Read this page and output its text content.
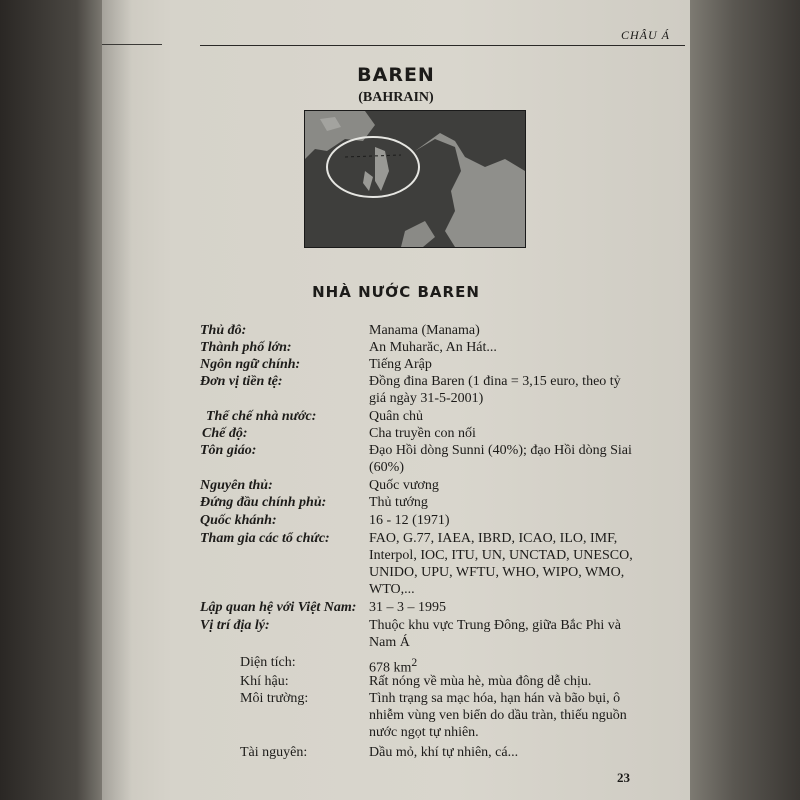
CHÂU Á
BAREN
(BAHRAIN)
NHÀ NƯỚC BAREN
Thủ đô:	Manama (Manama)
Thành phố lớn:	An Muharăc, An Hát...
Ngôn ngữ chính:	Tiếng Arập
Đơn vị tiền tệ:	Đồng đina Baren (1 đina = 3,15 euro, theo tỷ giá ngày 31-5-2001)
Thể chế nhà nước:	Quân chủ
Chế độ:	Cha truyền con nối
Tôn giáo:	Đạo Hồi dòng Sunni (40%); đạo Hồi dòng Siai (60%)
Nguyên thủ:	Quốc vương
Đứng đầu chính phủ:	Thủ tướng
Quốc khánh:	16 - 12 (1971)
Tham gia các tổ chức:	FAO, G.77, IAEA, IBRD, ICAO, ILO, IMF, Interpol, IOC, ITU, UN, UNCTAD, UNESCO, UNIDO, UPU, WFTU, WHO, WIPO, WMO, WTO,...
Lập quan hệ với Việt Nam: 31 – 3 – 1995
Vị trí địa lý:	Thuộc khu vực Trung Đông, giữa Bắc Phi và Nam Á
Diện tích:	678 $km^2$
Khí hậu:	Rất nóng về mùa hè, mùa đông dễ chịu.
Môi trường:	Tình trạng sa mạc hóa, hạn hán và bão bụi, ô nhiễm vùng ven biển do dầu tràn, thiếu nguồn nước ngọt tự nhiên.
Tài nguyên:	Dầu mỏ, khí tự nhiên, cá...
23
